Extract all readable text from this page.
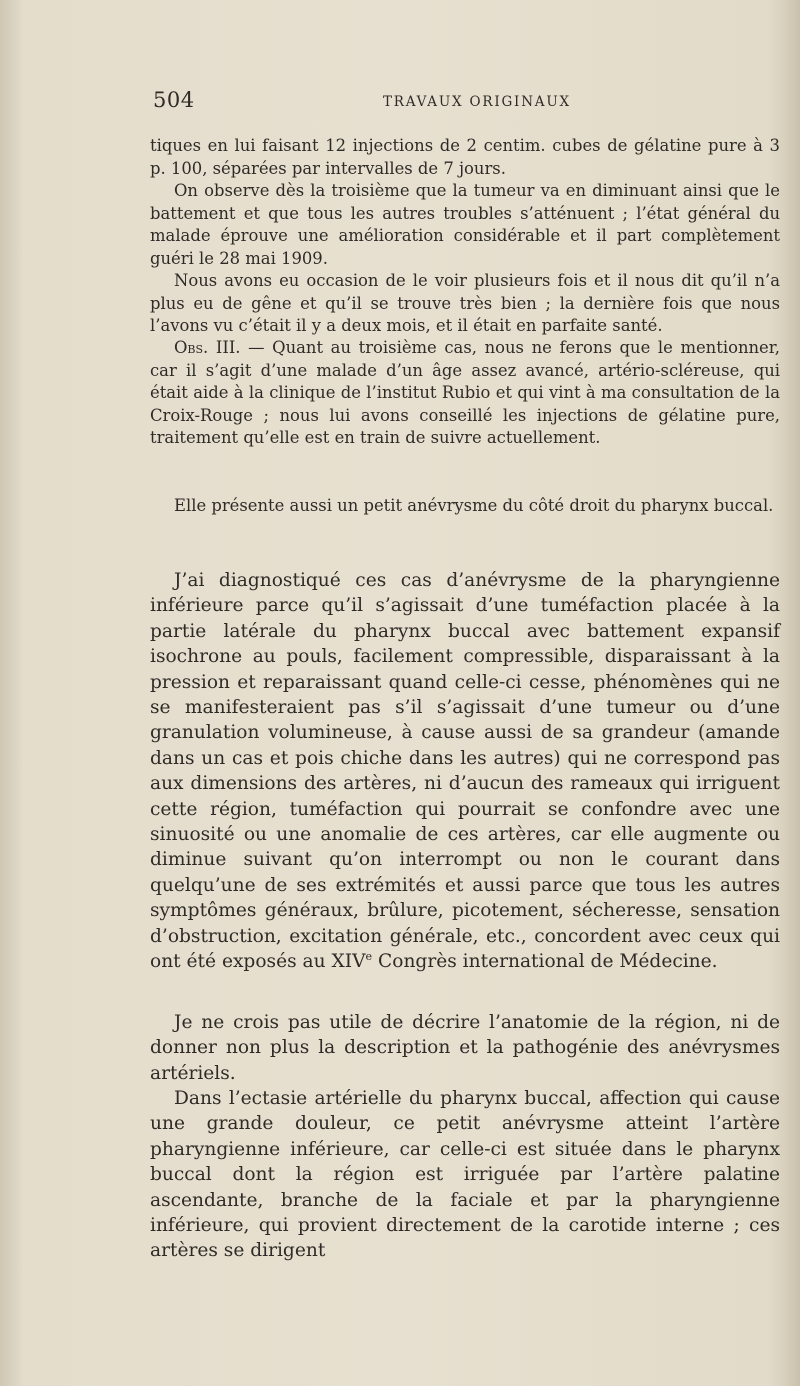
504	TRAVAUX ORIGINAUX

tiques en lui faisant 12 injections de 2 centim. cubes de gélatine pure à 3 p. 100, séparées par intervalles de 7 jours.

On observe dès la troisième que la tumeur va en diminuant ainsi que le battement et que tous les autres troubles s’atténuent ; l’état général du malade éprouve une amélioration considérable et il part complètement guéri le 28 mai 1909.

Nous avons eu occasion de le voir plusieurs fois et il nous dit qu’il n’a plus eu de gêne et qu’il se trouve très bien ; la dernière fois que nous l’avons vu c’était il y a deux mois, et il était en parfaite santé.

Obs. III. — Quant au troisième cas, nous ne ferons que le mentionner, car il s’agit d’une malade d’un âge assez avancé, artério-scléreuse, qui était aide à la clinique de l’institut Rubio et qui vint à ma consultation de la Croix-Rouge ; nous lui avons conseillé les injections de gélatine pure, traitement qu’elle est en train de suivre actuellement.

Elle présente aussi un petit anévrysme du côté droit du pharynx buccal.

J’ai diagnostiqué ces cas d’anévrysme de la pharyngienne inférieure parce qu’il s’agissait d’une tuméfaction placée à la partie latérale du pharynx buccal avec battement expansif isochrone au pouls, facilement compressible, disparaissant à la pression et reparaissant quand celle-ci cesse, phénomènes qui ne se manifesteraient pas s’il s’agissait d’une tumeur ou d’une granulation volumineuse, à cause aussi de sa grandeur (amande dans un cas et pois chiche dans les autres) qui ne correspond pas aux dimensions des artères, ni d’aucun des rameaux qui irriguent cette région, tuméfaction qui pourrait se confondre avec une sinuosité ou une anomalie de ces artères, car elle augmente ou diminue suivant qu’on interrompt ou non le courant dans quelqu’une de ses extrémités et aussi parce que tous les autres symptômes généraux, brûlure, picotement, sécheresse, sensation d’obstruction, excitation générale, etc., concordent avec ceux qui ont été exposés au XIVe Congrès international de Médecine.

Je ne crois pas utile de décrire l’anatomie de la région, ni de donner non plus la description et la pathogénie des anévrysmes artériels.

Dans l’ectasie artérielle du pharynx buccal, affection qui cause une grande douleur, ce petit anévrysme atteint l’artère pharyngienne inférieure, car celle-ci est située dans le pharynx buccal dont la région est irriguée par l’artère palatine ascendante, branche de la faciale et par la pharyngienne inférieure, qui provient directement de la carotide interne ; ces artères se dirigent
